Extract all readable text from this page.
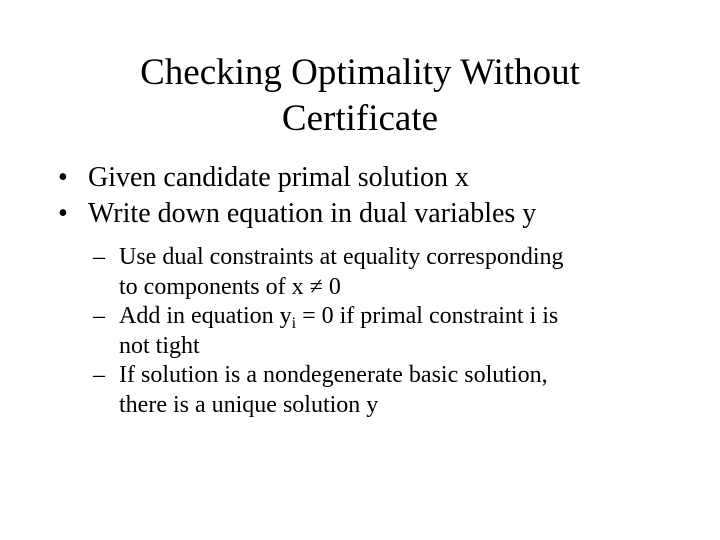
Checking Optimality Without
Certificate
• Given candidate primal solution x
• Write down equation in dual variables y
– Use dual constraints at equality corresponding
to components of x ≠ 0
– Add in equation $y_i = 0$ if primal constraint i is
not tight
– If solution is a nondegenerate basic solution,
there is a unique solution y
